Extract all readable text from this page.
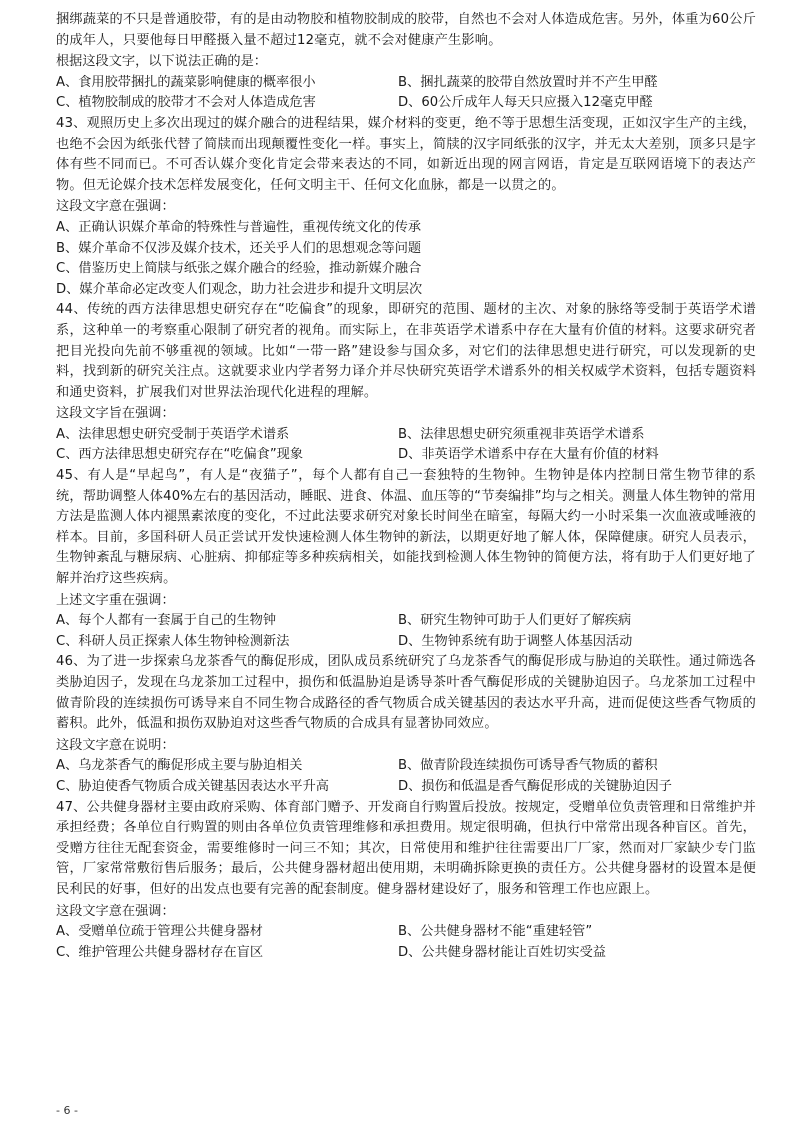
捆绑蔬菜的不只是普通胶带，有的是由动物胶和植物胶制成的胶带，自然也不会对人体造成危害。另外，体重为60公斤的成年人，只要他每日甲醛摄入量不超过12毫克，就不会对健康产生影响。

根据这段文字，以下说法正确的是：

A、食用胶带捆扎的蔬菜影响健康的概率很小	B、捆扎蔬菜的胶带自然放置时并不产生甲醛
C、植物胶制成的胶带才不会对人体造成危害	D、60公斤成年人每天只应摄入12毫克甲醛

43、观照历史上多次出现过的媒介融合的进程结果，媒介材料的变更，绝不等于思想生活变现，正如汉字生产的主线，也绝不会因为纸张代替了简牍而出现颠覆性变化一样。事实上，简牍的汉字同纸张的汉字，并无太大差别，顶多只是字体有些不同而已。不可否认媒介变化肯定会带来表达的不同，如新近出现的网言网语，肯定是互联网语境下的表达产物。但无论媒介技术怎样发展变化，任何文明主干、任何文化血脉，都是一以贯之的。

这段文字意在强调：

A、正确认识媒介革命的特殊性与普遍性，重视传统文化的传承
B、媒介革命不仅涉及媒介技术，还关乎人们的思想观念等问题
C、借鉴历史上简牍与纸张之媒介融合的经验，推动新媒介融合
D、媒介革命必定改变人们观念，助力社会进步和提升文明层次

44、传统的西方法律思想史研究存在“吃偏食”的现象，即研究的范围、题材的主次、对象的脉络等受制于英语学术谱系，这种单一的考察重心限制了研究者的视角。而实际上，在非英语学术谱系中存在大量有价值的材料。这要求研究者把目光投向先前不够重视的领域。比如“一带一路”建设参与国众多，对它们的法律思想史进行研究，可以发现新的史料，找到新的研究关注点。这就要求业内学者努力译介并尽快研究英语学术谱系外的相关权威学术资料，包括专题资料和通史资料，扩展我们对世界法治现代化进程的理解。

这段文字旨在强调：

A、法律思想史研究受制于英语学术谱系	B、法律思想史研究须重视非英语学术谱系
C、西方法律思想史研究存在“吃偏食”现象	D、非英语学术谱系中存在大量有价值的材料

45、有人是“早起鸟”，有人是“夜猫子”，每个人都有自己一套独特的生物钟。生物钟是体内控制日常生物节律的系统，帮助调整人体40%左右的基因活动，睡眠、进食、体温、血压等的“节奏编排”均与之相关。测量人体生物钟的常用方法是监测人体内褪黑素浓度的变化，不过此法要求研究对象长时间坐在暗室，每隔大约一小时采集一次血液或唾液的样本。目前，多国科研人员正尝试开发快速检测人体生物钟的新法，以期更好地了解人体，保障健康。研究人员表示，生物钟紊乱与糖尿病、心脏病、抑郁症等多种疾病相关，如能找到检测人体生物钟的简便方法，将有助于人们更好地了解并治疗这些疾病。

上述文字重在强调：

A、每个人都有一套属于自己的生物钟	B、研究生物钟可助于人们更好了解疾病
C、科研人员正探索人体生物钟检测新法	D、生物钟系统有助于调整人体基因活动

46、为了进一步探索乌龙茶香气的酶促形成，团队成员系统研究了乌龙茶香气的酶促形成与胁迫的关联性。通过筛选各类胁迫因子，发现在乌龙茶加工过程中，损伤和低温胁迫是诱导茶叶香气酶促形成的关键胁迫因子。乌龙茶加工过程中做青阶段的连续损伤可诱导来自不同生物合成路径的香气物质合成关键基因的表达水平升高，进而促使这些香气物质的蓄积。此外，低温和损伤双胁迫对这些香气物质的合成具有显著协同效应。

这段文字意在说明：

A、乌龙茶香气的酶促形成主要与胁迫相关	B、做青阶段连续损伤可诱导香气物质的蓄积
C、胁迫使香气物质合成关键基因表达水平升高	D、损伤和低温是香气酶促形成的关键胁迫因子

47、公共健身器材主要由政府采购、体育部门赠予、开发商自行购置后投放。按规定，受赠单位负责管理和日常维护并承担经费；各单位自行购置的则由各单位负责管理维修和承担费用。规定很明确，但执行中常常出现各种盲区。首先，受赠方往往无配套资金，需要维修时一问三不知；其次，日常使用和维护往往需要出厂厂家，然而对厂家缺少专门监管，厂家常常敷衍售后服务；最后，公共健身器材超出使用期，未明确拆除更换的责任方。公共健身器材的设置本是便民利民的好事，但好的出发点也要有完善的配套制度。健身器材建设好了，服务和管理工作也应跟上。

这段文字意在强调：

A、受赠单位疏于管理公共健身器材	B、公共健身器材不能“重建轻管”
C、维护管理公共健身器材存在盲区	D、公共健身器材能让百姓切实受益
- 6 -
